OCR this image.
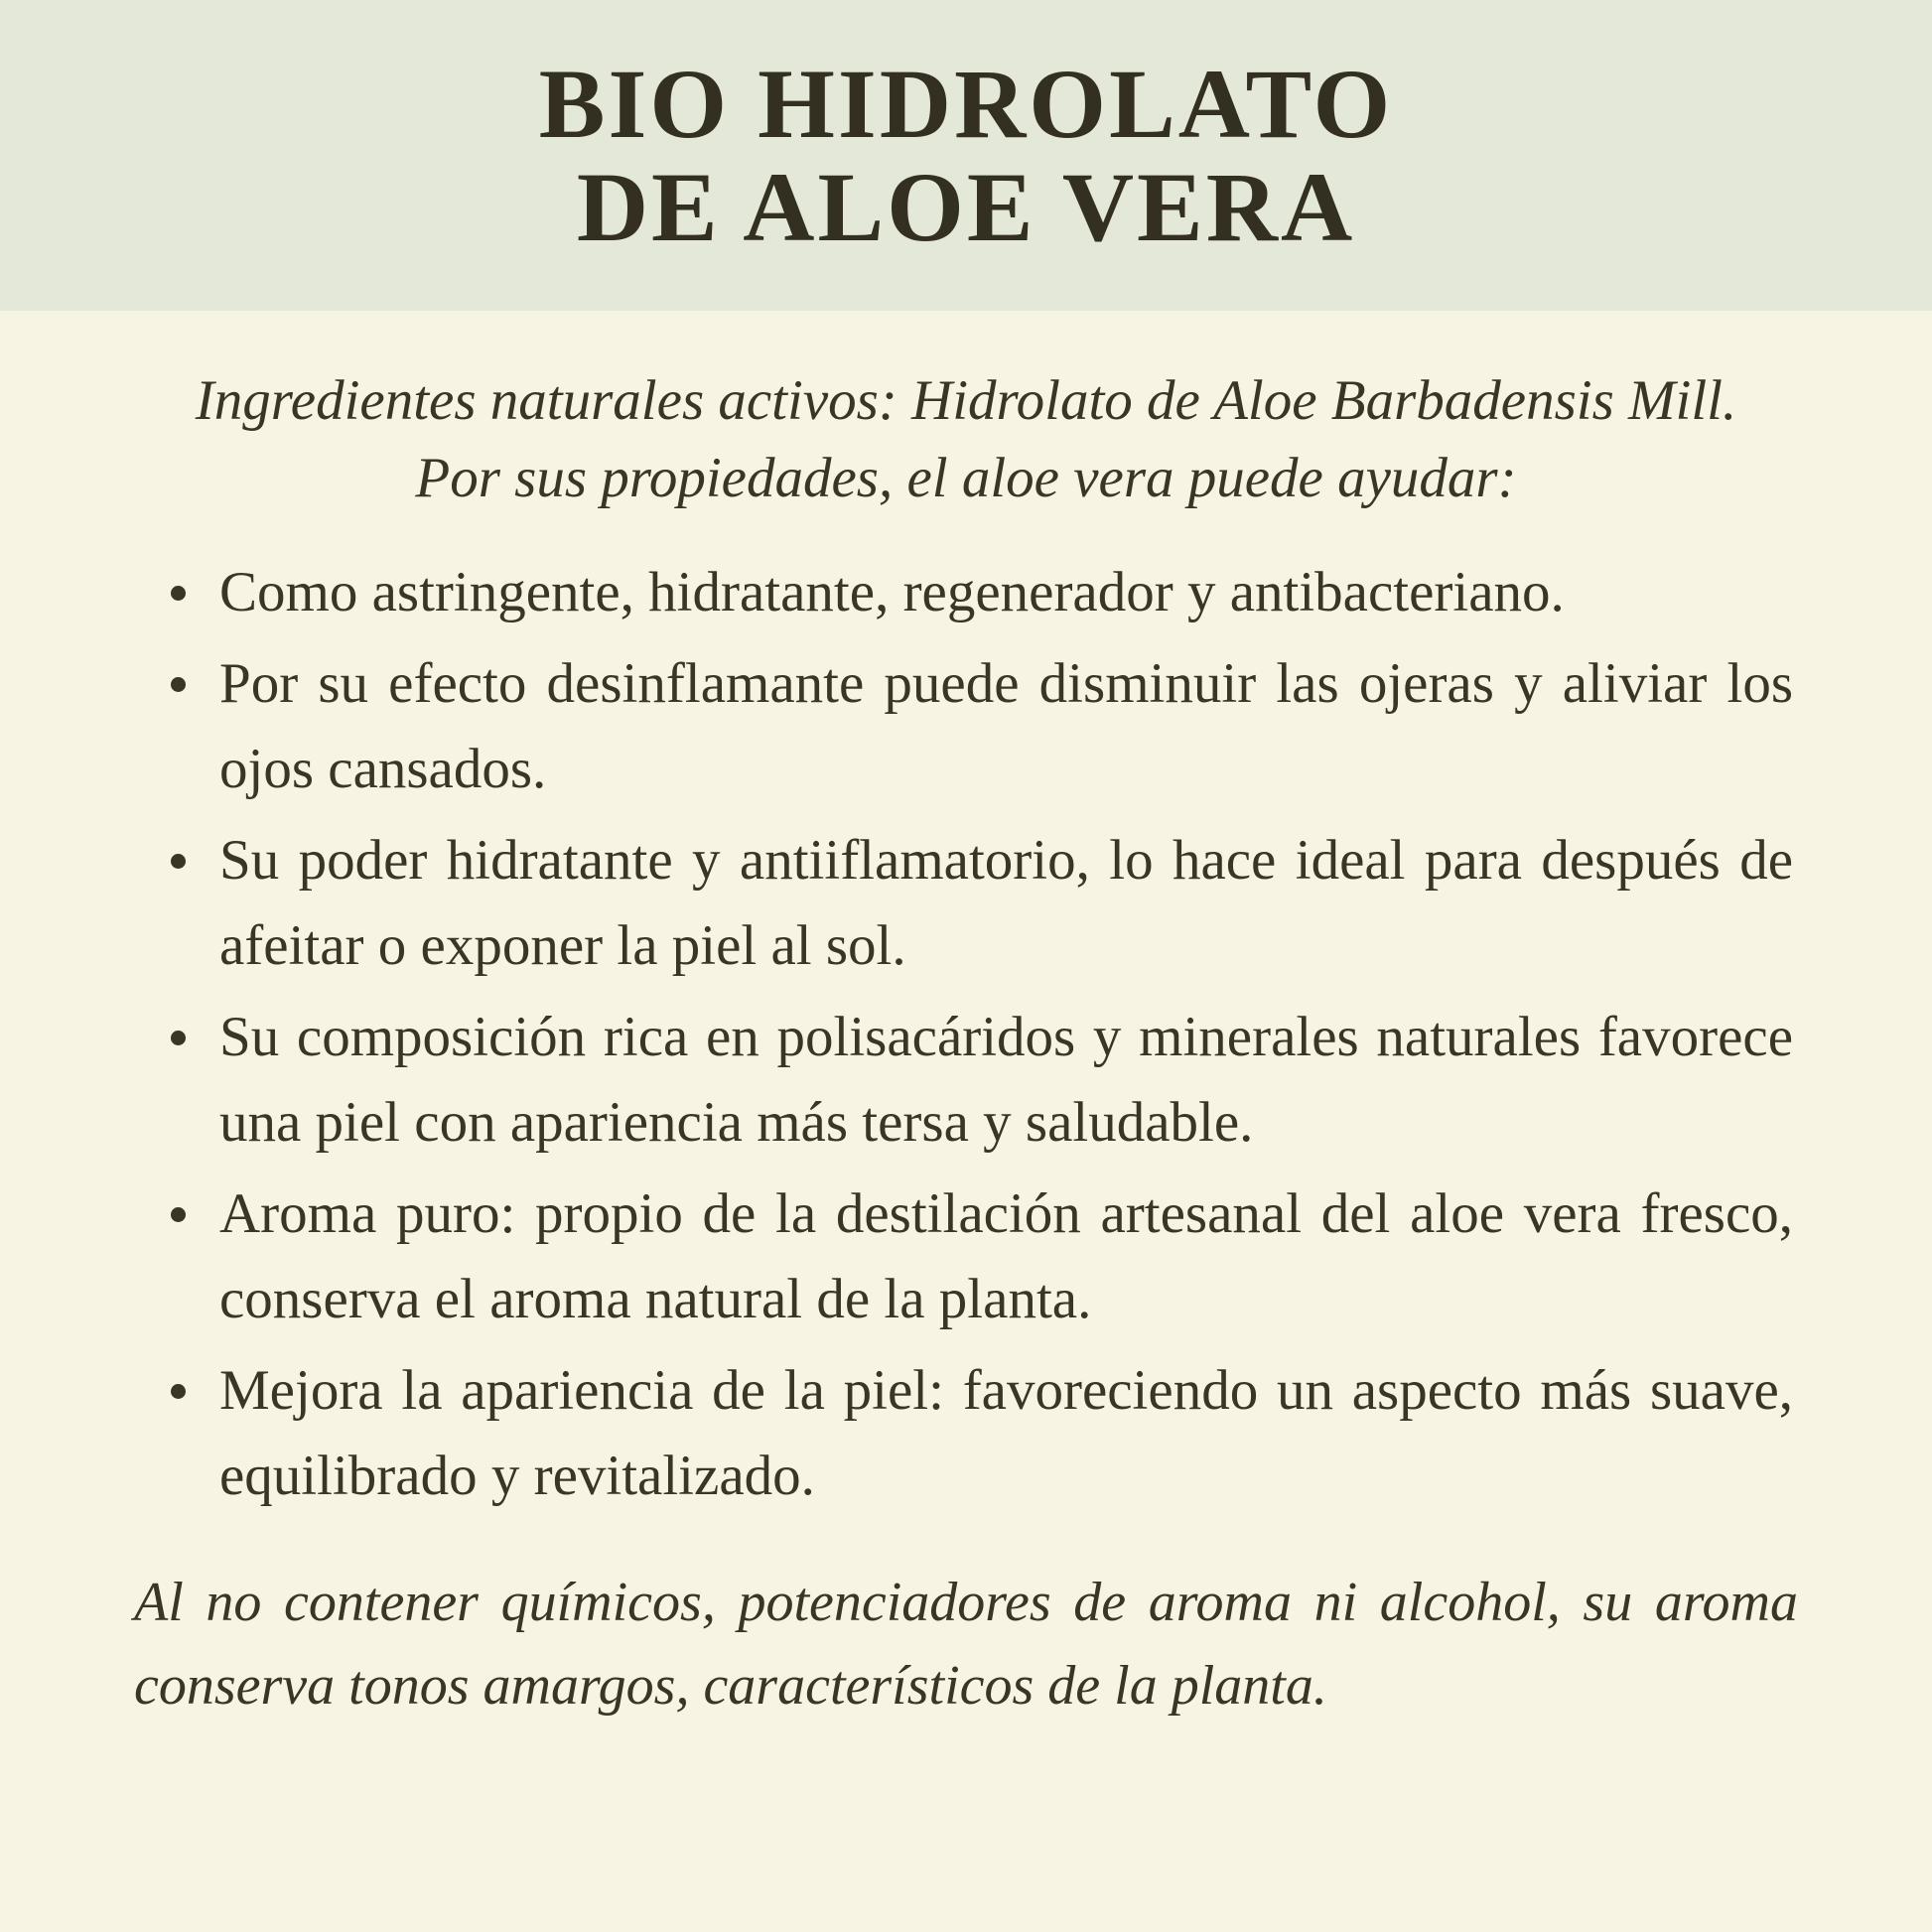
BIO HIDROLATO
DE ALOE VERA

Ingredientes naturales activos: Hidrolato de Aloe Barbadensis Mill. Por sus propiedades, el aloe vera puede ayudar:

Como astringente, hidratante, regenerador y antibacteriano.
Por su efecto desinflamante puede disminuir las ojeras y aliviar los ojos cansados.
Su poder hidratante y antiiflamatorio, lo hace ideal para después de afeitar o exponer la piel al sol.
Su composición rica en polisacáridos y minerales naturales favorece una piel con apariencia más tersa y saludable.
Aroma puro: propio de la destilación artesanal del aloe vera fresco, conserva el aroma natural de la planta.
Mejora la apariencia de la piel: favoreciendo un aspecto más suave, equilibrado y revitalizado.

Al no contener químicos, potenciadores de aroma ni alcohol, su aroma conserva tonos amargos, característicos de la planta.
